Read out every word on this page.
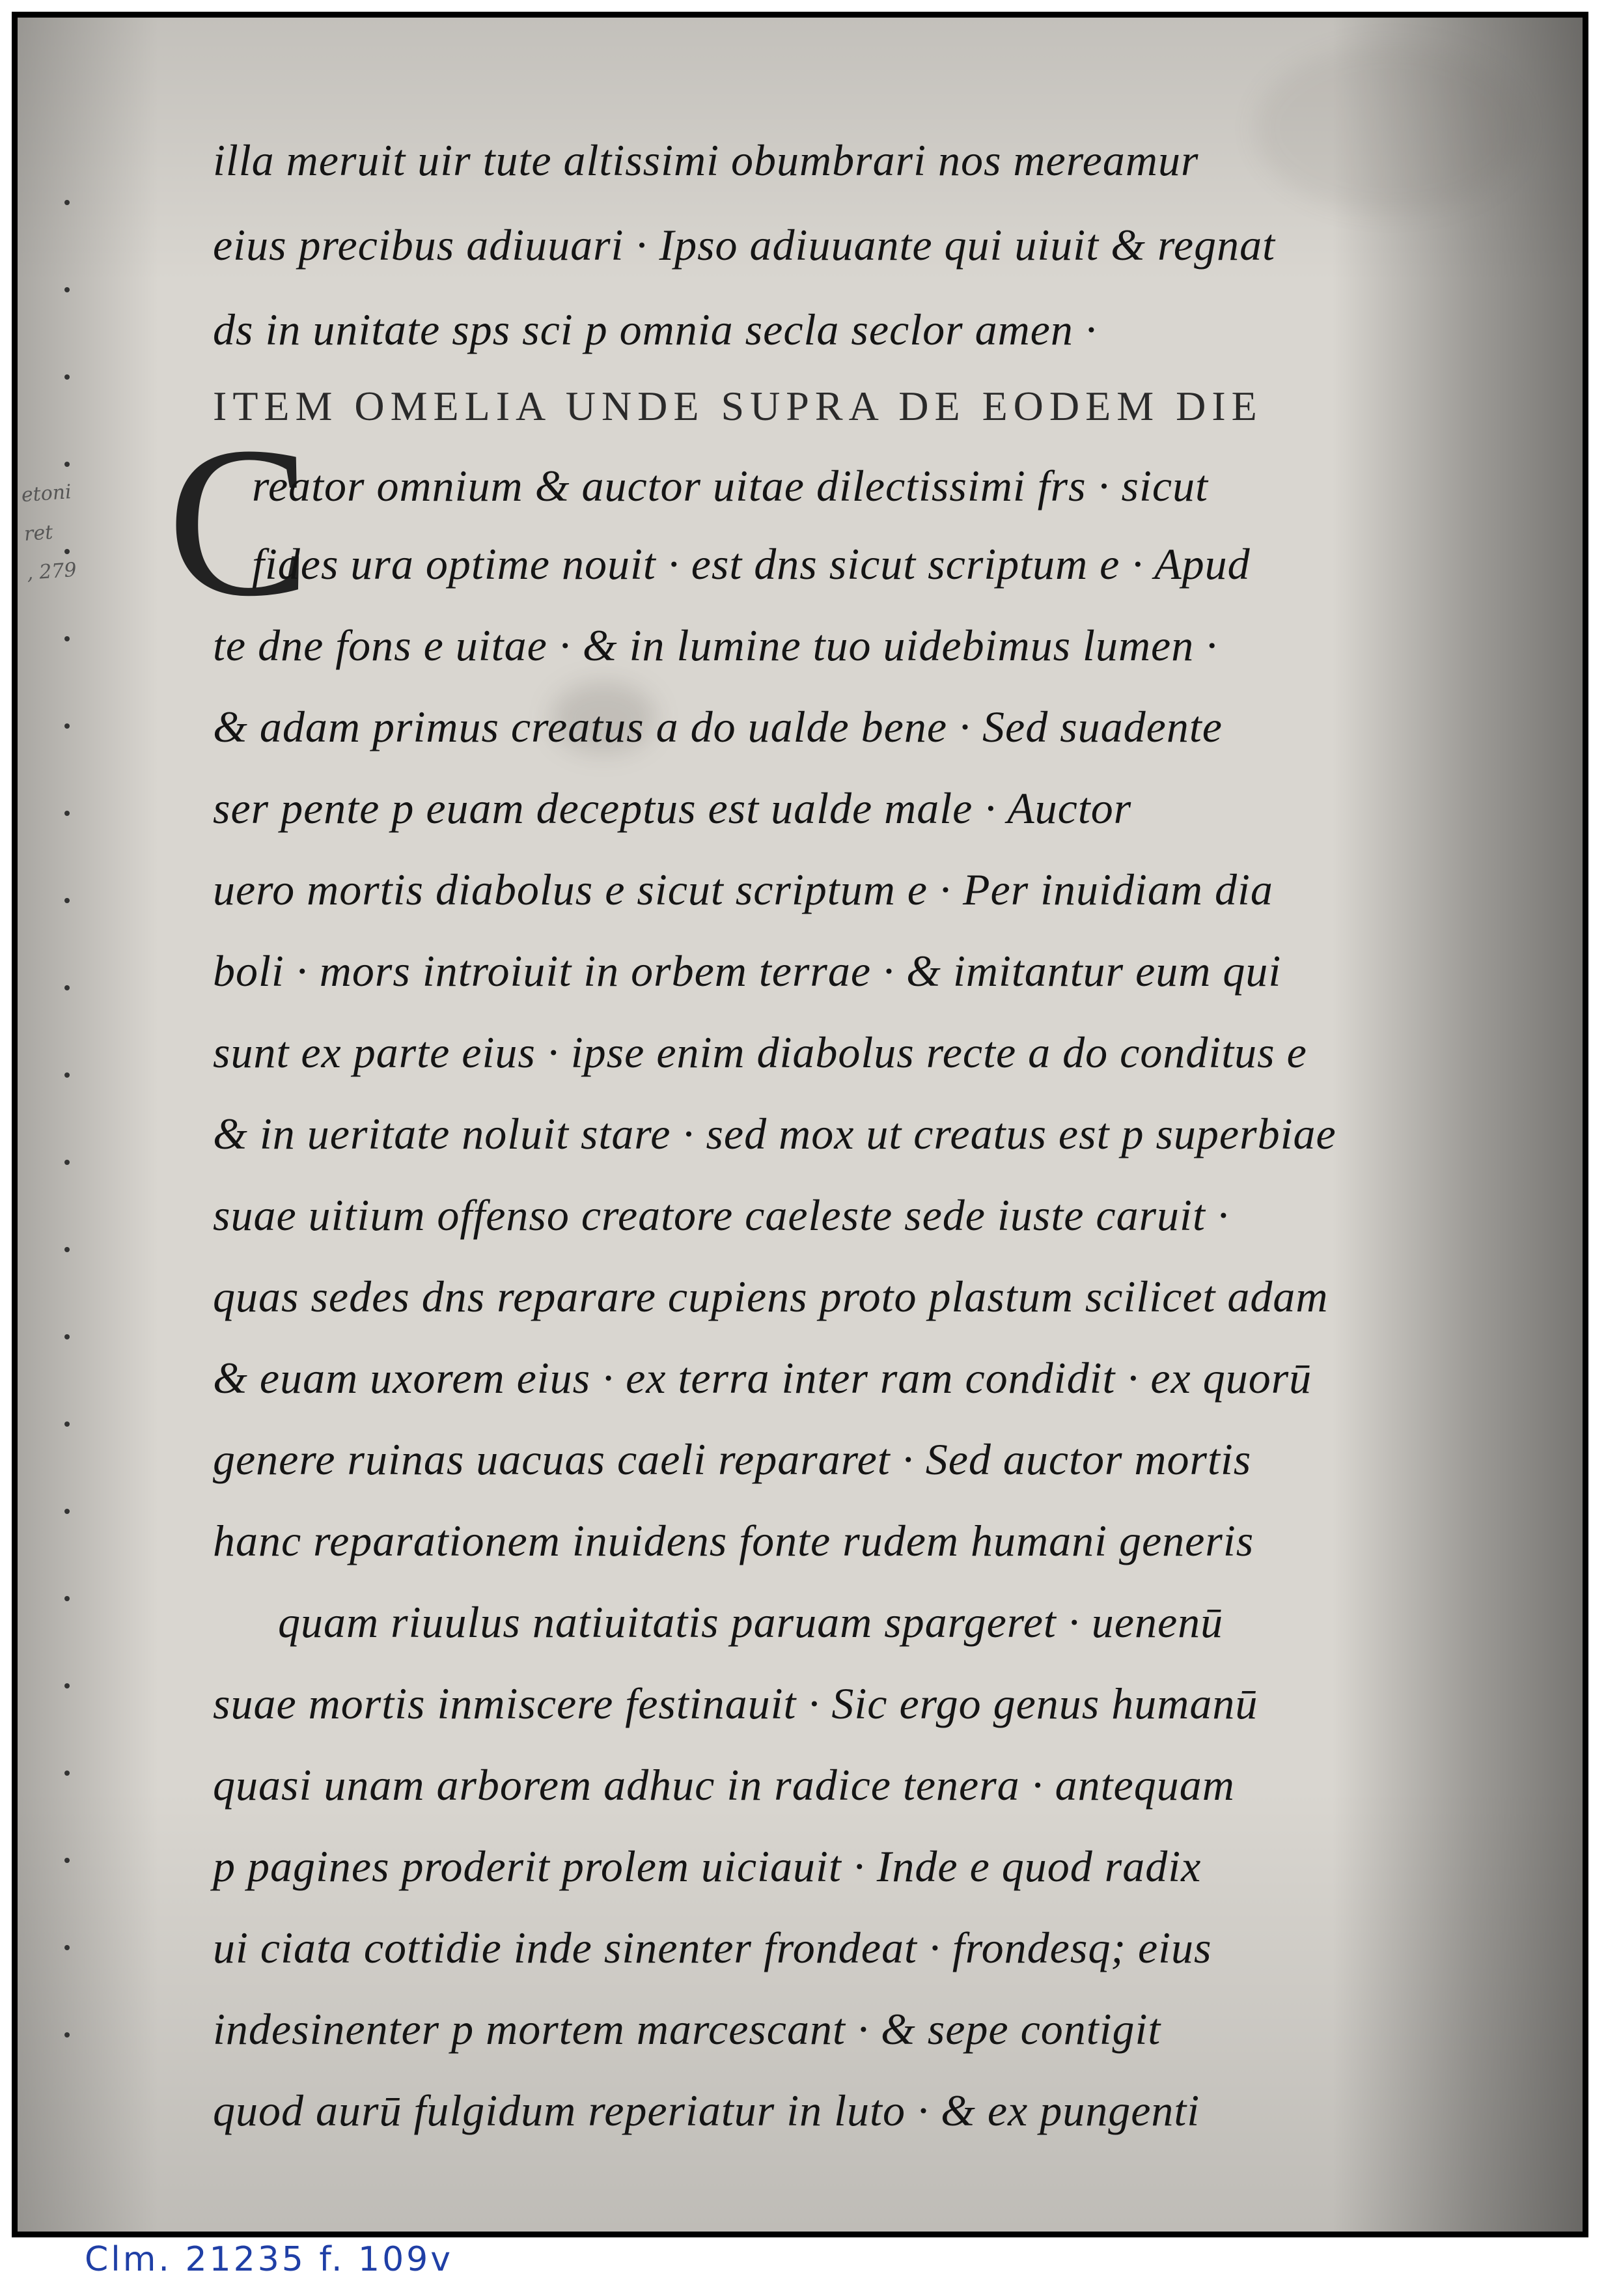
etoni
ret
, 279 C
illa meruit uir tute altissimi obumbrari nos mereamur
eius precibus adiuuari · Ipso adiuuante qui uiuit & regnat
ds in unitate sps sci p omnia secla seclor amen ·
ITEM OMELIA UNDE SUPRA DE EODEM DIE
reator omnium & auctor uitae dilectissimi frs · sicut
fides ura optime nouit · est dns sicut scriptum e · Apud
te dne fons e uitae · & in lumine tuo uidebimus lumen ·
& adam primus creatus a do ualde bene · Sed suadente
ser pente p euam deceptus est ualde male · Auctor
uero mortis diabolus e sicut scriptum e · Per inuidiam dia
boli · mors introiuit in orbem terrae · & imitantur eum qui
sunt ex parte eius · ipse enim diabolus recte a do conditus e
& in ueritate noluit stare · sed mox ut creatus est p superbiae
suae uitium offenso creatore caeleste sede iuste caruit ·
quas sedes dns reparare cupiens proto plastum scilicet adam
& euam uxorem eius · ex terra inter ram condidit · ex quorū
genere ruinas uacuas caeli repararet · Sed auctor mortis
hanc reparationem inuidens fonte rudem humani generis
quam riuulus natiuitatis paruam spargeret · uenenū
suae mortis inmiscere festinauit · Sic ergo genus humanū
quasi unam arborem adhuc in radice tenera · antequam
p pagines proderit prolem uiciauit · Inde e quod radix
ui ciata cottidie inde sinenter frondeat · frondesq; eius
indesinenter p mortem marcescant · & sepe contigit
quod aurū fulgidum reperiatur in luto · & ex pungenti
Clm. 21235 f. 109v
